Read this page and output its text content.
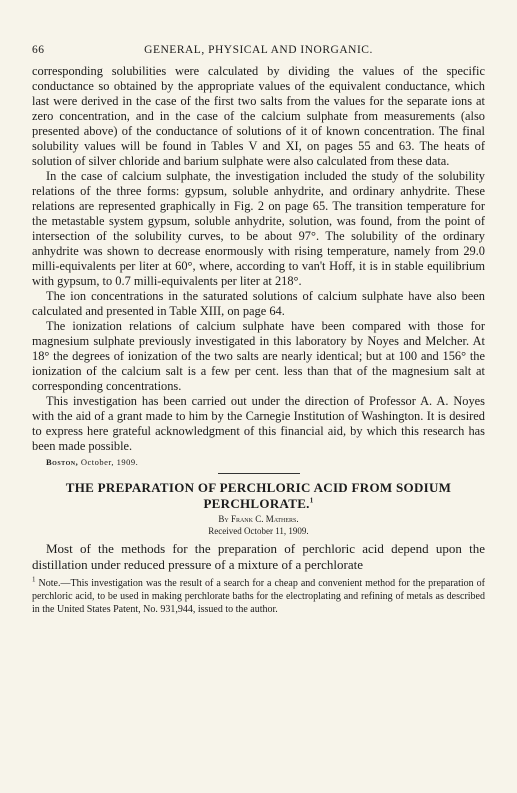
66	GENERAL, PHYSICAL AND INORGANIC.

corresponding solubilities were calculated by dividing the values of the specific conductance so obtained by the appropriate values of the equivalent conductance, which last were derived in the case of the first two salts from the values for the separate ions at zero concentration, and in the case of the calcium sulphate from measurements (also presented above) of the conductance of solutions of it of known concentration. The final solubility values will be found in Tables V and XI, on pages 55 and 63. The heats of solution of silver chloride and barium sulphate were also calculated from these data.

In the case of calcium sulphate, the investigation included the study of the solubility relations of the three forms: gypsum, soluble anhydrite, and ordinary anhydrite. These relations are represented graphically in Fig. 2 on page 65. The transition temperature for the metastable system gypsum, soluble anhydrite, solution, was found, from the point of intersection of the solubility curves, to be about 97°. The solubility of the ordinary anhydrite was shown to decrease enormously with rising temperature, namely from 29.0 milli-equivalents per liter at 60°, where, according to van't Hoff, it is in stable equilibrium with gypsum, to 0.7 milli-equivalents per liter at 218°.

The ion concentrations in the saturated solutions of calcium sulphate have also been calculated and presented in Table XIII, on page 64.

The ionization relations of calcium sulphate have been compared with those for magnesium sulphate previously investigated in this laboratory by Noyes and Melcher. At 18° the degrees of ionization of the two salts are nearly identical; but at 100 and 156° the ionization of the calcium salt is a few per cent. less than that of the magnesium salt at corresponding concentrations.

This investigation has been carried out under the direction of Professor A. A. Noyes with the aid of a grant made to him by the Carnegie Institution of Washington. It is desired to express here grateful acknowledgment of this financial aid, by which this research has been made possible.

Boston, October, 1909.
THE PREPARATION OF PERCHLORIC ACID FROM SODIUM PERCHLORATE.$^1$
By Frank C. Mathers.
Received October 11, 1909.

Most of the methods for the preparation of perchloric acid depend upon the distillation under reduced pressure of a mixture of a perchlorate

$^1$ Note.—This investigation was the result of a search for a cheap and convenient method for the preparation of perchloric acid, to be used in making perchlorate baths for the electroplating and refining of metals as described in the United States Patent, No. 931,944, issued to the author.
